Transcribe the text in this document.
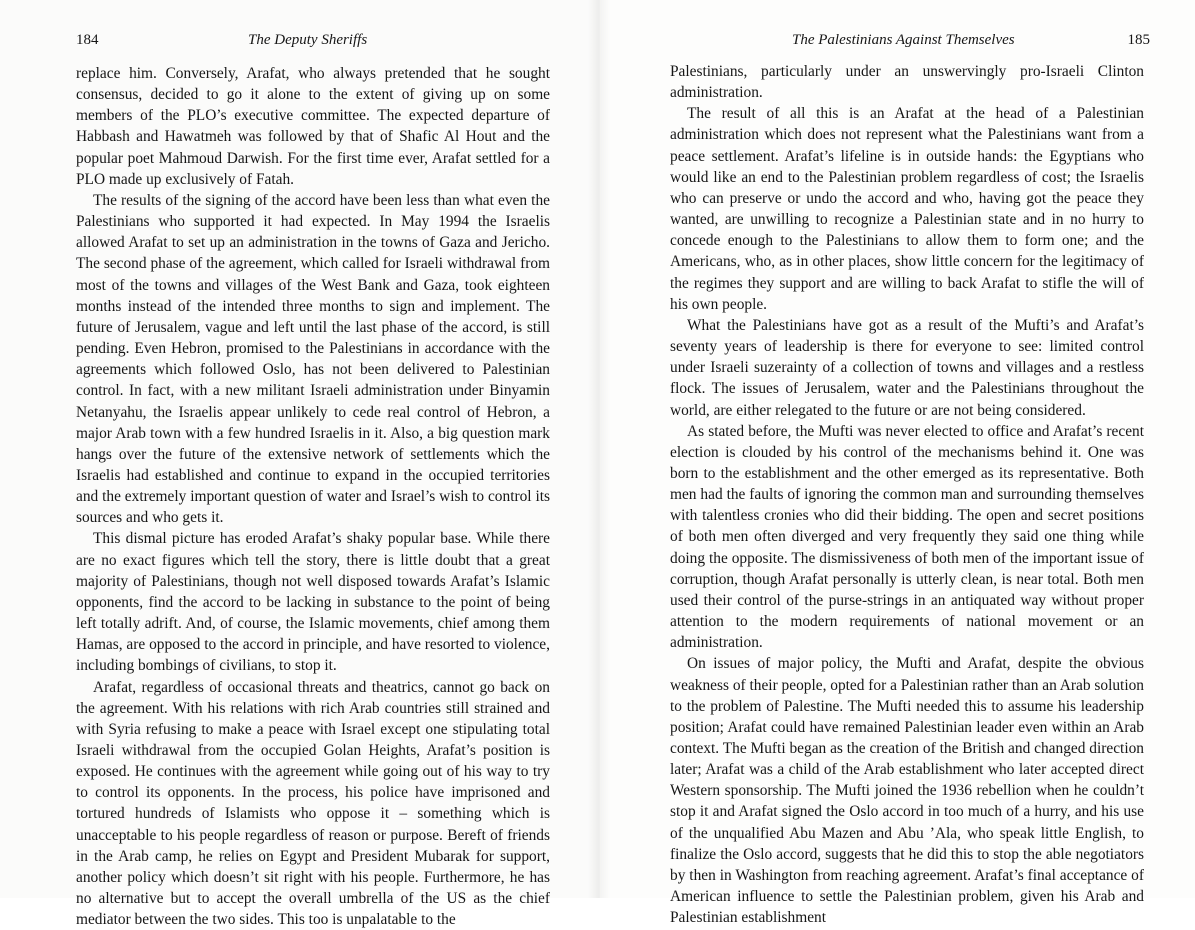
184	The Deputy Sheriffs

replace him. Conversely, Arafat, who always pretended that he sought consensus, decided to go it alone to the extent of giving up on some members of the PLO’s executive committee. The expected departure of Habbash and Hawatmeh was followed by that of Shafic Al Hout and the popular poet Mahmoud Darwish. For the first time ever, Arafat settled for a PLO made up exclusively of Fatah.

The results of the signing of the accord have been less than what even the Palestinians who supported it had expected. In May 1994 the Israelis allowed Arafat to set up an administration in the towns of Gaza and Jericho. The second phase of the agreement, which called for Israeli withdrawal from most of the towns and villages of the West Bank and Gaza, took eighteen months instead of the intended three months to sign and implement. The future of Jerusalem, vague and left until the last phase of the accord, is still pending. Even Hebron, promised to the Palestinians in accordance with the agreements which followed Oslo, has not been delivered to Palestinian control. In fact, with a new militant Israeli administration under Binyamin Netanyahu, the Israelis appear unlikely to cede real control of Hebron, a major Arab town with a few hundred Israelis in it. Also, a big question mark hangs over the future of the extensive network of settlements which the Israelis had established and continue to expand in the occupied territories and the extremely important question of water and Israel’s wish to control its sources and who gets it.

This dismal picture has eroded Arafat’s shaky popular base. While there are no exact figures which tell the story, there is little doubt that a great majority of Palestinians, though not well disposed towards Arafat’s Islamic opponents, find the accord to be lacking in substance to the point of being left totally adrift. And, of course, the Islamic movements, chief among them Hamas, are opposed to the accord in principle, and have resorted to violence, including bombings of civilians, to stop it.

Arafat, regardless of occasional threats and theatrics, cannot go back on the agreement. With his relations with rich Arab countries still strained and with Syria refusing to make a peace with Israel except one stipulating total Israeli withdrawal from the occupied Golan Heights, Arafat’s position is exposed. He continues with the agreement while going out of his way to try to control its opponents. In the process, his police have imprisoned and tortured hundreds of Islamists who oppose it – something which is unacceptable to his people regardless of reason or purpose. Bereft of friends in the Arab camp, he relies on Egypt and President Mubarak for support, another policy which doesn’t sit right with his people. Furthermore, he has no alternative but to accept the overall umbrella of the US as the chief mediator between the two sides. This too is unpalatable to the

The Palestinians Against Themselves	185

Palestinians, particularly under an unswervingly pro-Israeli Clinton administration.

The result of all this is an Arafat at the head of a Palestinian administration which does not represent what the Palestinians want from a peace settlement. Arafat’s lifeline is in outside hands: the Egyptians who would like an end to the Palestinian problem regardless of cost; the Israelis who can preserve or undo the accord and who, having got the peace they wanted, are unwilling to recognize a Palestinian state and in no hurry to concede enough to the Palestinians to allow them to form one; and the Americans, who, as in other places, show little concern for the legitimacy of the regimes they support and are willing to back Arafat to stifle the will of his own people.

What the Palestinians have got as a result of the Mufti’s and Arafat’s seventy years of leadership is there for everyone to see: limited control under Israeli suzerainty of a collection of towns and villages and a restless flock. The issues of Jerusalem, water and the Palestinians throughout the world, are either relegated to the future or are not being considered.

As stated before, the Mufti was never elected to office and Arafat’s recent election is clouded by his control of the mechanisms behind it. One was born to the establishment and the other emerged as its representative. Both men had the faults of ignoring the common man and surrounding themselves with talentless cronies who did their bidding. The open and secret positions of both men often diverged and very frequently they said one thing while doing the opposite. The dismissiveness of both men of the important issue of corruption, though Arafat personally is utterly clean, is near total. Both men used their control of the purse-strings in an antiquated way without proper attention to the modern requirements of national movement or an administration.

On issues of major policy, the Mufti and Arafat, despite the obvious weakness of their people, opted for a Palestinian rather than an Arab solution to the problem of Palestine. The Mufti needed this to assume his leadership position; Arafat could have remained Palestinian leader even within an Arab context. The Mufti began as the creation of the British and changed direction later; Arafat was a child of the Arab establishment who later accepted direct Western sponsorship. The Mufti joined the 1936 rebellion when he couldn’t stop it and Arafat signed the Oslo accord in too much of a hurry, and his use of the unqualified Abu Mazen and Abu ’Ala, who speak little English, to finalize the Oslo accord, suggests that he did this to stop the able negotiators by then in Washington from reaching agreement. Arafat’s final acceptance of American influence to settle the Palestinian problem, given his Arab and Palestinian establishment
